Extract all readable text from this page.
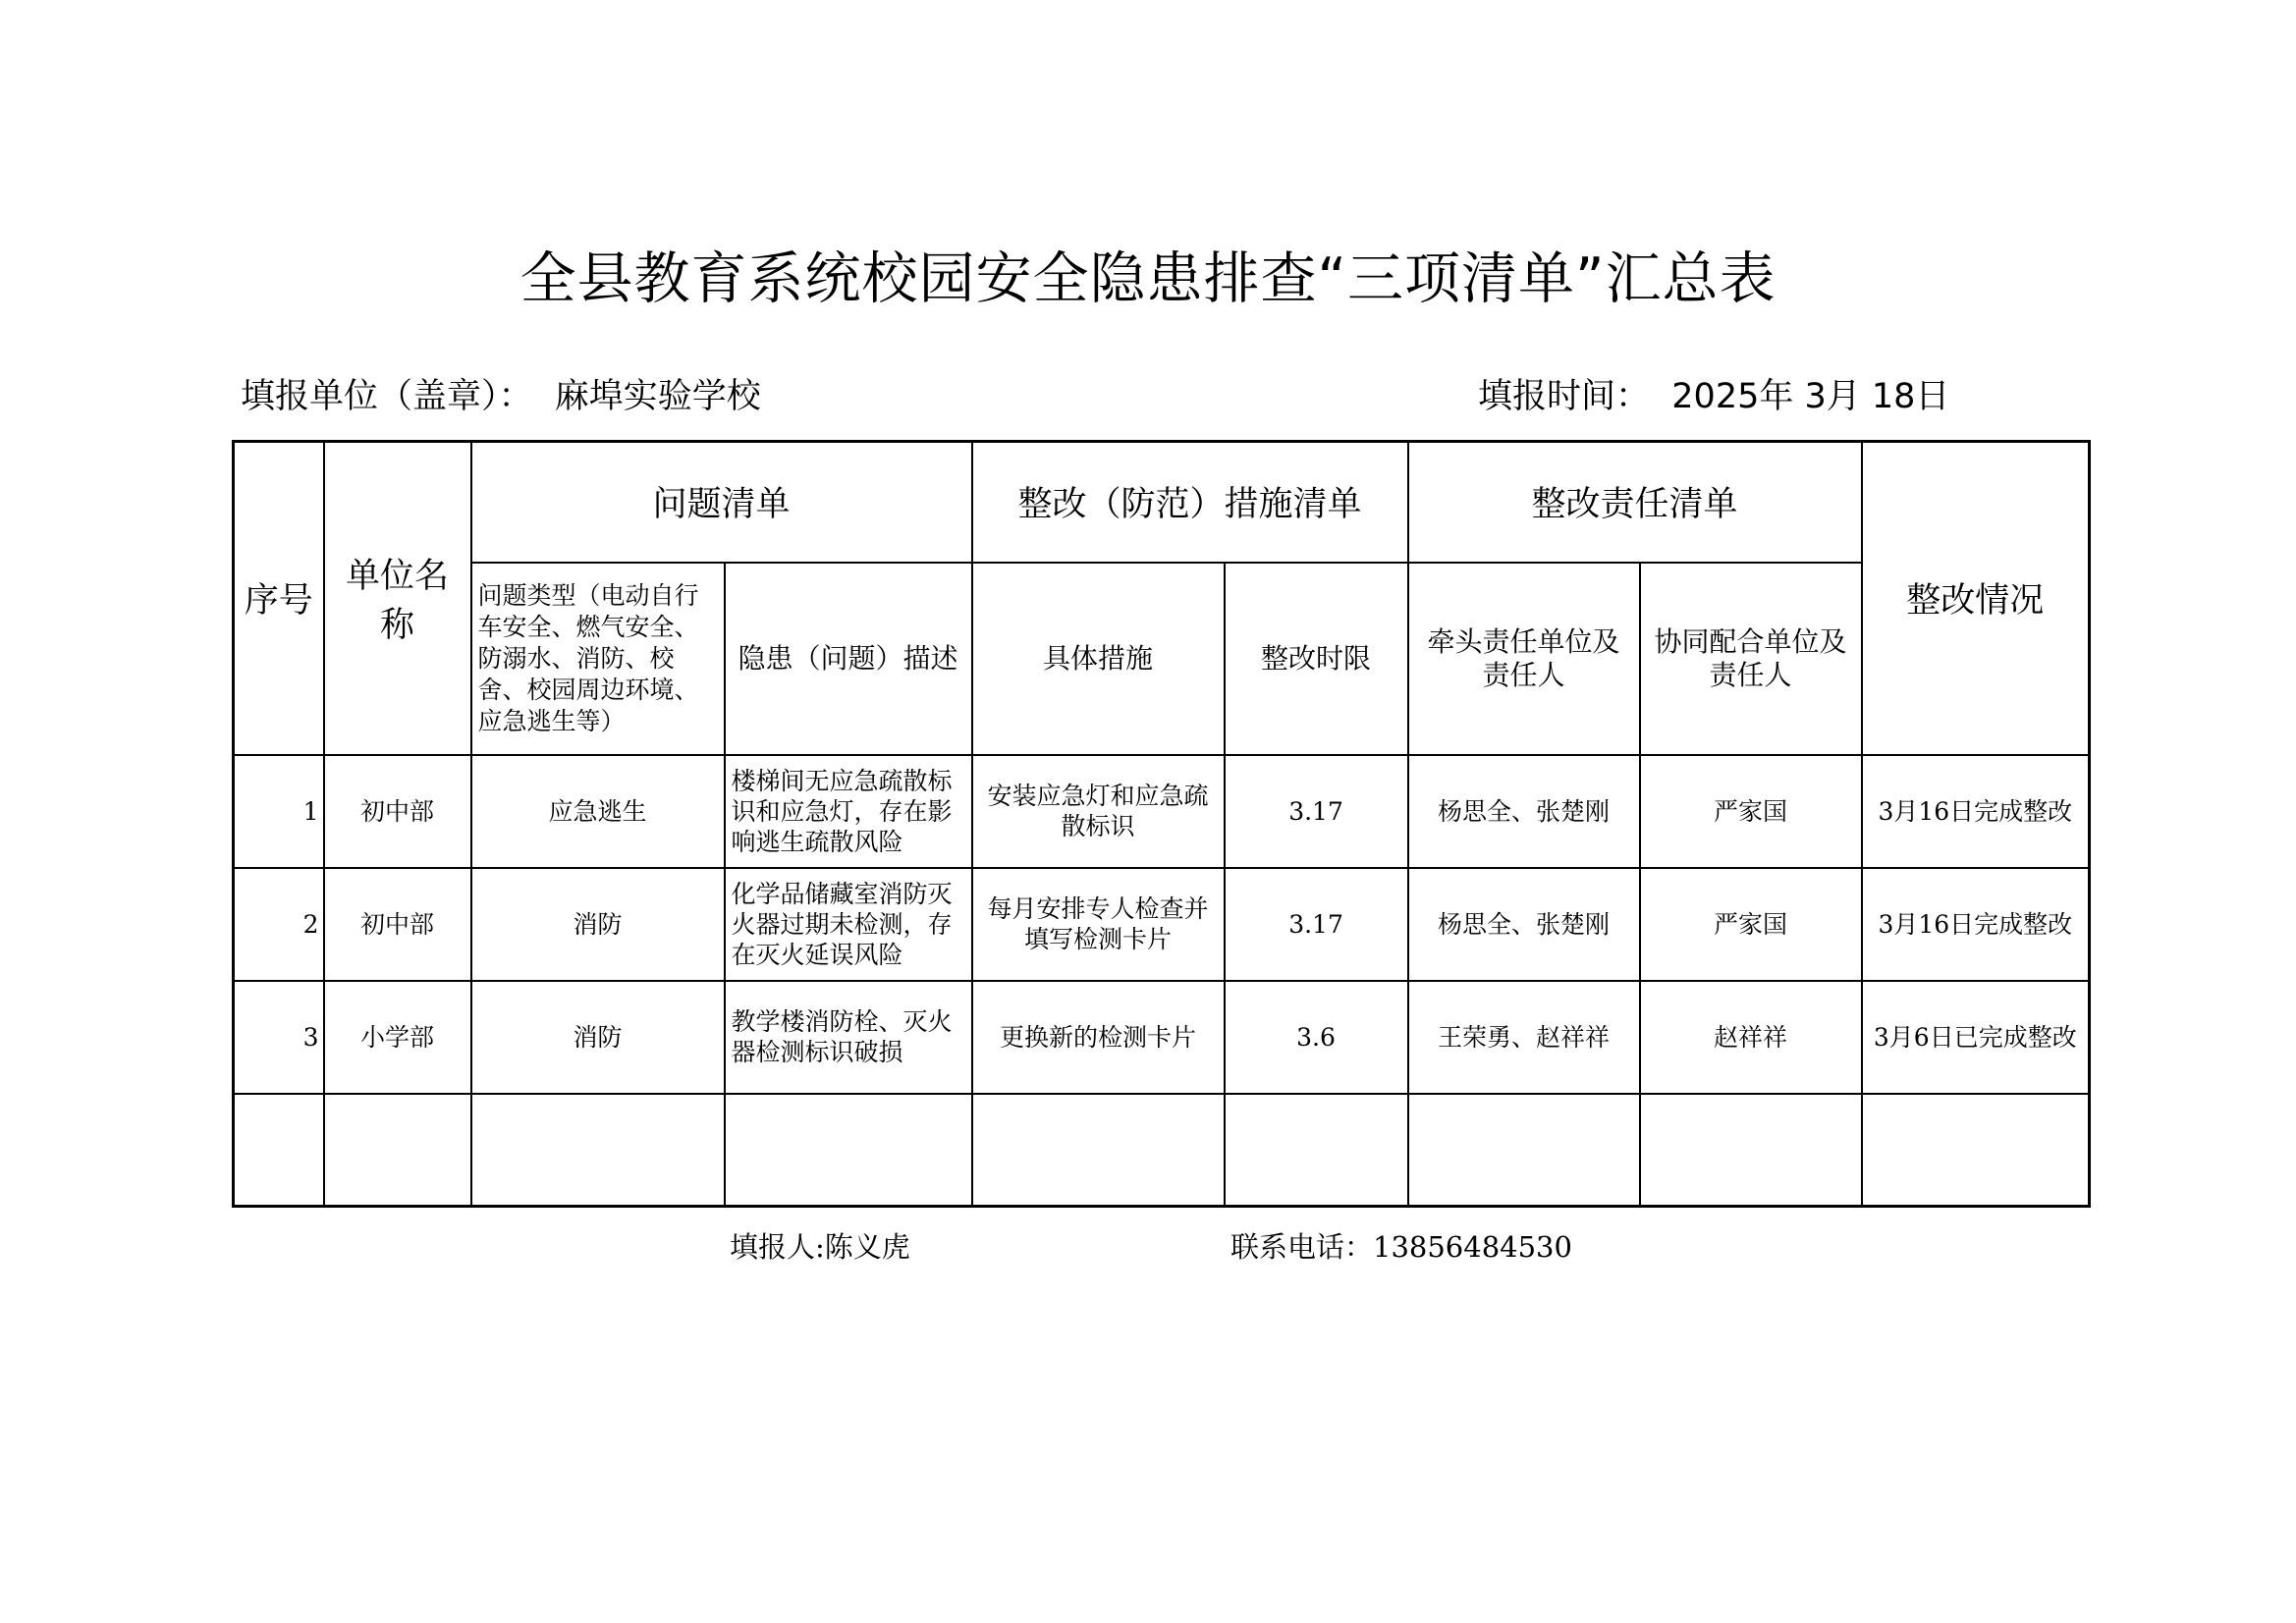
全县教育系统校园安全隐患排查“三项清单”汇总表
填报单位（盖章）： 麻埠实验学校	填报时间： 2025年 3月 18日
序号	单位名称	问题清单		整改（防范）措施清单		整改责任清单		整改情况
		问题类型（电动自行车安全、燃气安全、防溺水、消防、校舍、校园周边环境、应急逃生等）	隐患（问题）描述	具体措施	整改时限	牵头责任单位及责任人	协同配合单位及责任人	
1	初中部	应急逃生	楼梯间无应急疏散标识和应急灯，存在影响逃生疏散风险	安装应急灯和应急疏散标识	3.17	杨思全、张楚刚	严家国	3月16日完成整改
2	初中部	消防	化学品储藏室消防灭火器过期未检测，存在灭火延误风险	每月安排专人检查并填写检测卡片	3.17	杨思全、张楚刚	严家国	3月16日完成整改
3	小学部	消防	教学楼消防栓、灭火器检测标识破损	更换新的检测卡片	3.6	王荣勇、赵祥祥	赵祥祥	3月6日已完成整改

填报人:陈义虎	联系电话：13856484530
